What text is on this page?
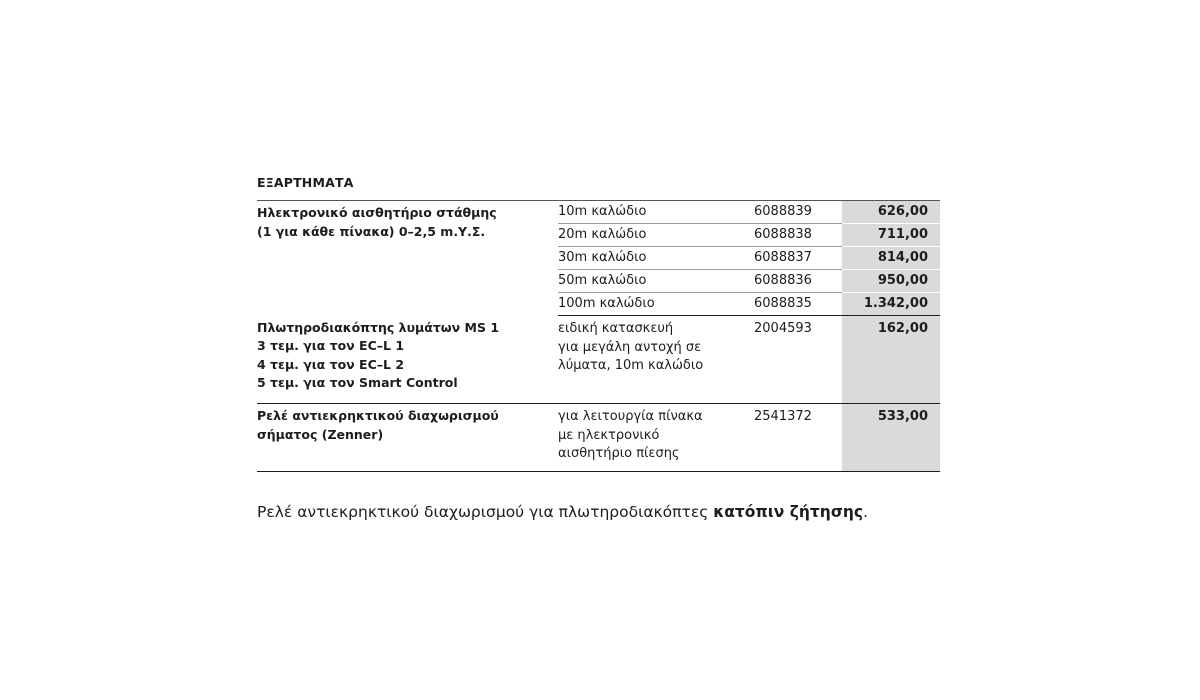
ΕΞΑΡΤΗΜΑΤΑ
Ηλεκτρονικό αισθητήριο στάθμης
(1 για κάθε πίνακα) 0–2,5 m.Υ.Σ.	10m καλώδιο	6088839	626,00
	20m καλώδιο	6088838	711,00
	30m καλώδιο	6088837	814,00
	50m καλώδιο	6088836	950,00
	100m καλώδιο	6088835	1.342,00

Πλωτηροδιακόπτης λυμάτων MS 1
3 τεμ. για τον EC–L 1
4 τεμ. για τον EC–L 2
5 τεμ. για τον Smart Control	ειδική κατασκευή
για μεγάλη αντοχή σε
λύματα, 10m καλώδιο	2004593	162,00

Ρελέ αντιεκρηκτικού διαχωρισμού
σήματος (Zenner)	για λειτουργία πίνακα
με ηλεκτρονικό
αισθητήριο πίεσης	2541372	533,00
Ρελέ αντιεκρηκτικού διαχωρισμού για πλωτηροδιακόπτες κατόπιν ζήτησης.
